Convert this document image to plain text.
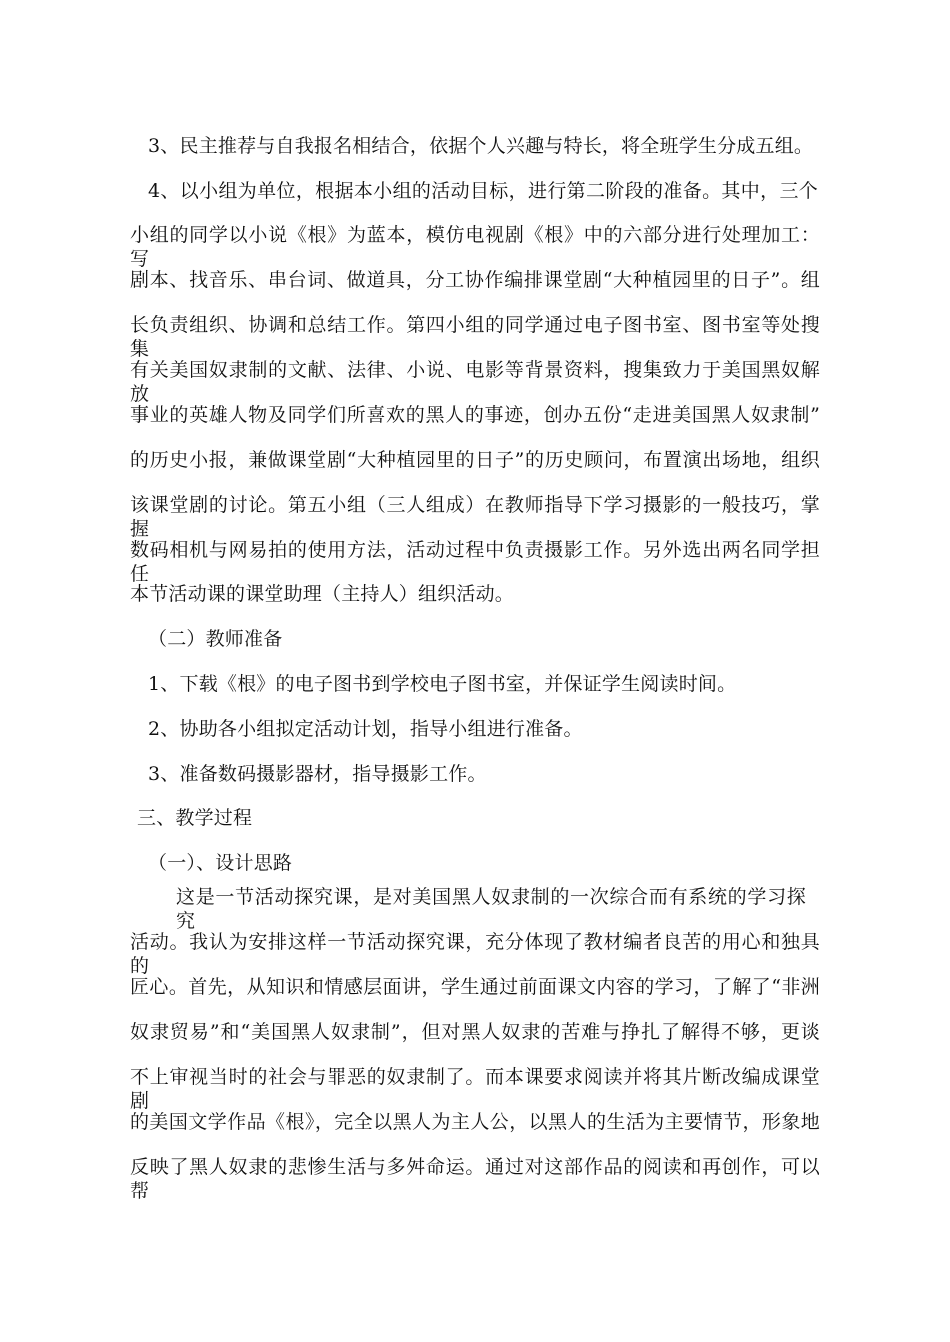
3、民主推荐与自我报名相结合，依据个人兴趣与特长，将全班学生分成五组。
4、以小组为单位，根据本小组的活动目标，进行第二阶段的准备。其中，三个
小组的同学以小说《根》为蓝本，模仿电视剧《根》中的六部分进行处理加工：写
剧本、找音乐、串台词、做道具，分工协作编排课堂剧“大种植园里的日子”。组
长负责组织、协调和总结工作。第四小组的同学通过电子图书室、图书室等处搜集
有关美国奴隶制的文献、法律、小说、电影等背景资料，搜集致力于美国黑奴解放
事业的英雄人物及同学们所喜欢的黑人的事迹，创办五份“走进美国黑人奴隶制”
的历史小报，兼做课堂剧“大种植园里的日子”的历史顾问，布置演出场地，组织
该课堂剧的讨论。第五小组（三人组成）在教师指导下学习摄影的一般技巧，掌握
数码相机与网易拍的使用方法，活动过程中负责摄影工作。另外选出两名同学担任
本节活动课的课堂助理（主持人）组织活动。
（二）教师准备
1、下载《根》的电子图书到学校电子图书室，并保证学生阅读时间。
2、协助各小组拟定活动计划，指导小组进行准备。
3、准备数码摄影器材，指导摄影工作。
三、教学过程
（一）、设计思路
这是一节活动探究课，是对美国黑人奴隶制的一次综合而有系统的学习探究
活动。我认为安排这样一节活动探究课，充分体现了教材编者良苦的用心和独具的
匠心。首先，从知识和情感层面讲，学生通过前面课文内容的学习，了解了“非洲
奴隶贸易”和“美国黑人奴隶制”，但对黑人奴隶的苦难与挣扎了解得不够，更谈
不上审视当时的社会与罪恶的奴隶制了。而本课要求阅读并将其片断改编成课堂剧
的美国文学作品《根》，完全以黑人为主人公，以黑人的生活为主要情节，形象地
反映了黑人奴隶的悲惨生活与多舛命运。通过对这部作品的阅读和再创作，可以帮
